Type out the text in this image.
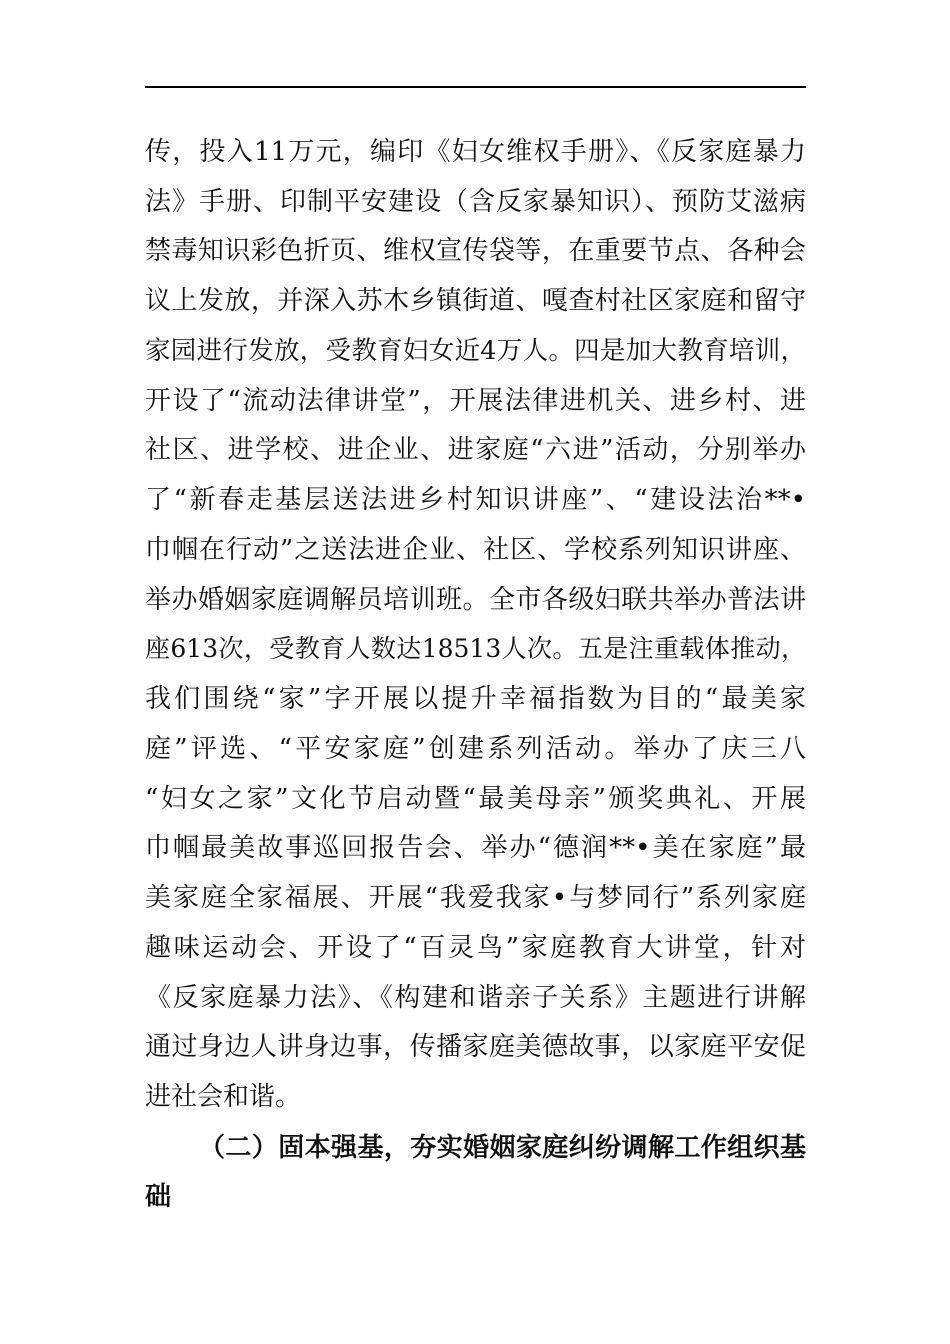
传，投入11万元，编印《妇女维权手册》、《反家庭暴力
法》手册、印制平安建设（含反家暴知识）、预防艾滋病
禁毒知识彩色折页、维权宣传袋等，在重要节点、各种会
议上发放，并深入苏木乡镇街道、嘎查村社区家庭和留守
家园进行发放，受教育妇女近4万人。四是加大教育培训，
开设了“流动法律讲堂”，开展法律进机关、进乡村、进
社区、进学校、进企业、进家庭“六进”活动，分别举办
了“新春走基层送法进乡村知识讲座”、“建设法治**•
巾帼在行动”之送法进企业、社区、学校系列知识讲座、
举办婚姻家庭调解员培训班。全市各级妇联共举办普法讲
座613次，受教育人数达18513人次。五是注重载体推动，
我们围绕“家”字开展以提升幸福指数为目的“最美家
庭”评选、“平安家庭”创建系列活动。举办了庆三八
“妇女之家”文化节启动暨“最美母亲”颁奖典礼、开展
巾帼最美故事巡回报告会、举办“德润**•美在家庭”最
美家庭全家福展、开展“我爱我家•与梦同行”系列家庭
趣味运动会、开设了“百灵鸟”家庭教育大讲堂，针对
《反家庭暴力法》、《构建和谐亲子关系》主题进行讲解
通过身边人讲身边事，传播家庭美德故事，以家庭平安促
进社会和谐。
（二）固本强基，夯实婚姻家庭纠纷调解工作组织基
础
